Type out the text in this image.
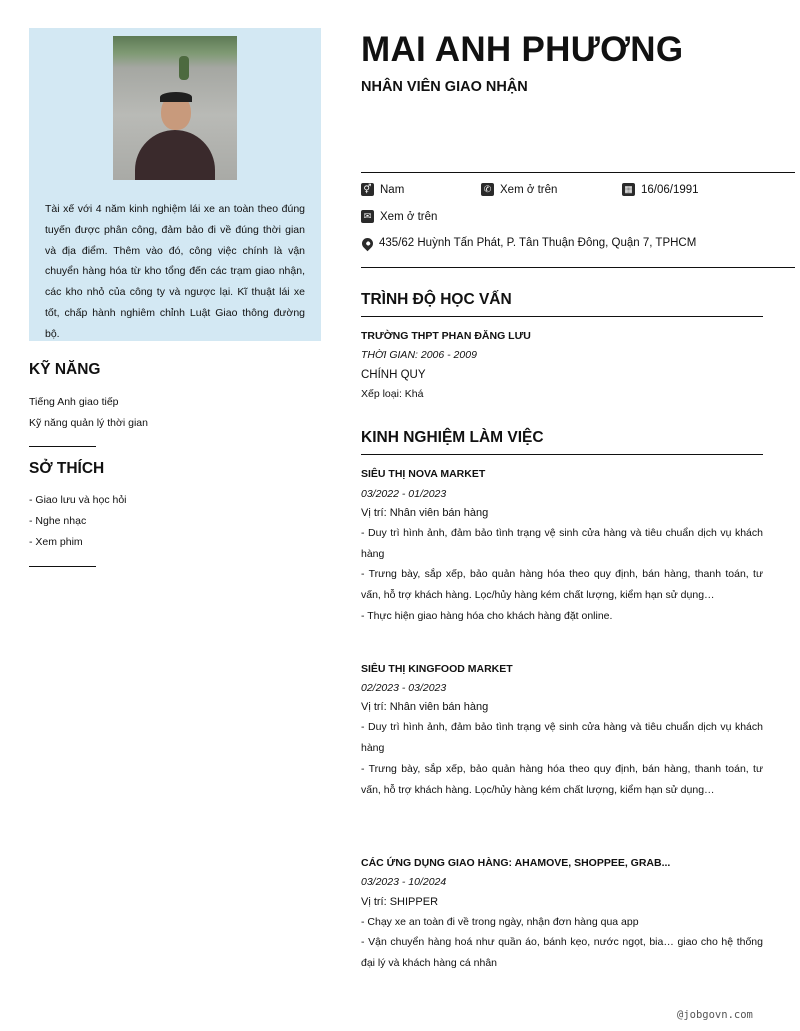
Tài xế với 4 năm kinh nghiệm lái xe an toàn theo đúng tuyến được phân công, đảm bảo đi về đúng thời gian và địa điểm. Thêm vào đó, công việc chính là vận chuyển hàng hóa từ kho tổng đến các trạm giao nhận, các kho nhỏ của công ty và ngược lại. Kĩ thuật lái xe tốt, chấp hành nghiêm chỉnh Luật Giao thông đường bộ.
KỸ NĂNG
Tiếng Anh giao tiếp
Kỹ năng quản lý thời gian
SỞ THÍCH
- Giao lưu và học hỏi
- Nghe nhạc
- Xem phim
MAI ANH PHƯƠNG
NHÂN VIÊN GIAO NHẬN
⚥ Nam	✆ Xem ở trên	▦ 16/06/1991
✉ Xem ở trên
435/62 Huỳnh Tấn Phát, P. Tân Thuận Đông, Quận 7, TPHCM
TRÌNH ĐỘ HỌC VẤN
TRƯỜNG THPT PHAN ĐĂNG LƯU
THỜI GIAN: 2006 - 2009
CHÍNH QUY
Xếp loại: Khá
KINH NGHIỆM LÀM VIỆC
SIÊU THỊ NOVA MARKET
03/2022 - 01/2023
Vị trí: Nhân viên bán hàng
- Duy trì hình ảnh, đảm bảo tình trạng vệ sinh cửa hàng và tiêu chuẩn dịch vụ khách hàng
- Trưng bày, sắp xếp, bảo quản hàng hóa theo quy định, bán hàng, thanh toán, tư vấn, hỗ trợ khách hàng. Lọc/hủy hàng kém chất lượng, kiểm hạn sử dụng…
- Thực hiện giao hàng hóa cho khách hàng đặt online.
SIÊU THỊ KINGFOOD MARKET
02/2023 - 03/2023
Vị trí: Nhân viên bán hàng
- Duy trì hình ảnh, đảm bảo tình trạng vệ sinh cửa hàng và tiêu chuẩn dịch vụ khách hàng
- Trưng bày, sắp xếp, bảo quản hàng hóa theo quy định, bán hàng, thanh toán, tư vấn, hỗ trợ khách hàng. Lọc/hủy hàng kém chất lượng, kiểm hạn sử dụng…
CÁC ỨNG DỤNG GIAO HÀNG: AHAMOVE, SHOPPEE, GRAB...
03/2023 - 10/2024
Vị trí: SHIPPER
- Chạy xe an toàn đi về trong ngày, nhận đơn hàng qua app
- Vận chuyển hàng hoá như quần áo, bánh kẹo, nước ngọt, bia… giao cho hệ thống đại lý và khách hàng cá nhân
@jobgovn.com
